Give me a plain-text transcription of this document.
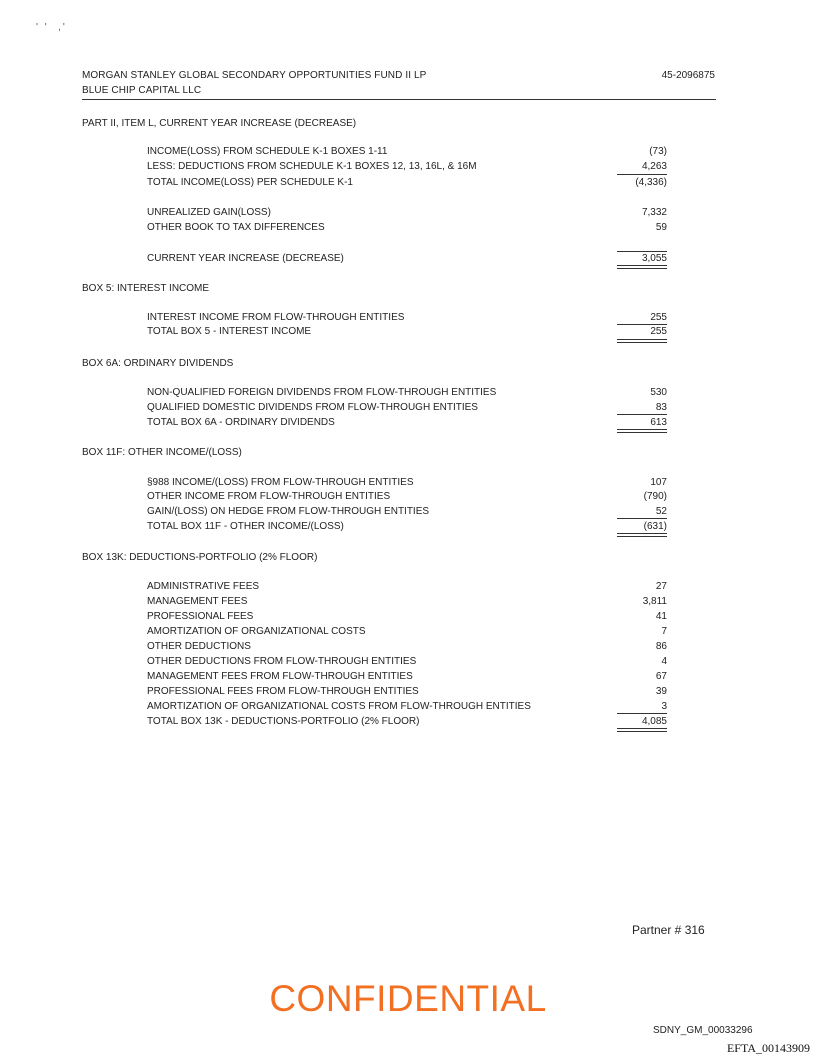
' '  ,'
MORGAN STANLEY GLOBAL SECONDARY OPPORTUNITIES FUND II LP
BLUE CHIP CAPITAL LLC
45-2096875
PART II, ITEM L, CURRENT YEAR INCREASE (DECREASE)
INCOME(LOSS) FROM SCHEDULE K-1 BOXES 1-11	(73)
LESS: DEDUCTIONS FROM SCHEDULE K-1 BOXES 12, 13, 16L, & 16M	4,263
TOTAL INCOME(LOSS) PER SCHEDULE K-1	(4,336)
UNREALIZED GAIN(LOSS)	7,332
OTHER BOOK TO TAX DIFFERENCES	59
CURRENT YEAR INCREASE (DECREASE)	3,055
BOX 5: INTEREST INCOME
INTEREST INCOME FROM FLOW-THROUGH ENTITIES	255
TOTAL BOX 5 - INTEREST INCOME	255
BOX 6A: ORDINARY DIVIDENDS
NON-QUALIFIED FOREIGN DIVIDENDS FROM FLOW-THROUGH ENTITIES	530
QUALIFIED DOMESTIC DIVIDENDS FROM FLOW-THROUGH ENTITIES	83
TOTAL BOX 6A - ORDINARY DIVIDENDS	613
BOX 11F: OTHER INCOME/(LOSS)
§988 INCOME/(LOSS) FROM FLOW-THROUGH ENTITIES	107
OTHER INCOME FROM FLOW-THROUGH ENTITIES	(790)
GAIN/(LOSS) ON HEDGE FROM FLOW-THROUGH ENTITIES	52
TOTAL BOX 11F - OTHER INCOME/(LOSS)	(631)
BOX 13K: DEDUCTIONS-PORTFOLIO (2% FLOOR)
ADMINISTRATIVE FEES	27
MANAGEMENT FEES	3,811
PROFESSIONAL FEES	41
AMORTIZATION OF ORGANIZATIONAL COSTS	7
OTHER DEDUCTIONS	86
OTHER DEDUCTIONS FROM FLOW-THROUGH ENTITIES	4
MANAGEMENT FEES FROM FLOW-THROUGH ENTITIES	67
PROFESSIONAL FEES FROM FLOW-THROUGH ENTITIES	39
AMORTIZATION OF ORGANIZATIONAL COSTS FROM FLOW-THROUGH ENTITIES	3
TOTAL BOX 13K - DEDUCTIONS-PORTFOLIO (2% FLOOR)	4,085
Partner # 316
CONFIDENTIAL
SDNY_GM_00033296
EFTA_00143909
